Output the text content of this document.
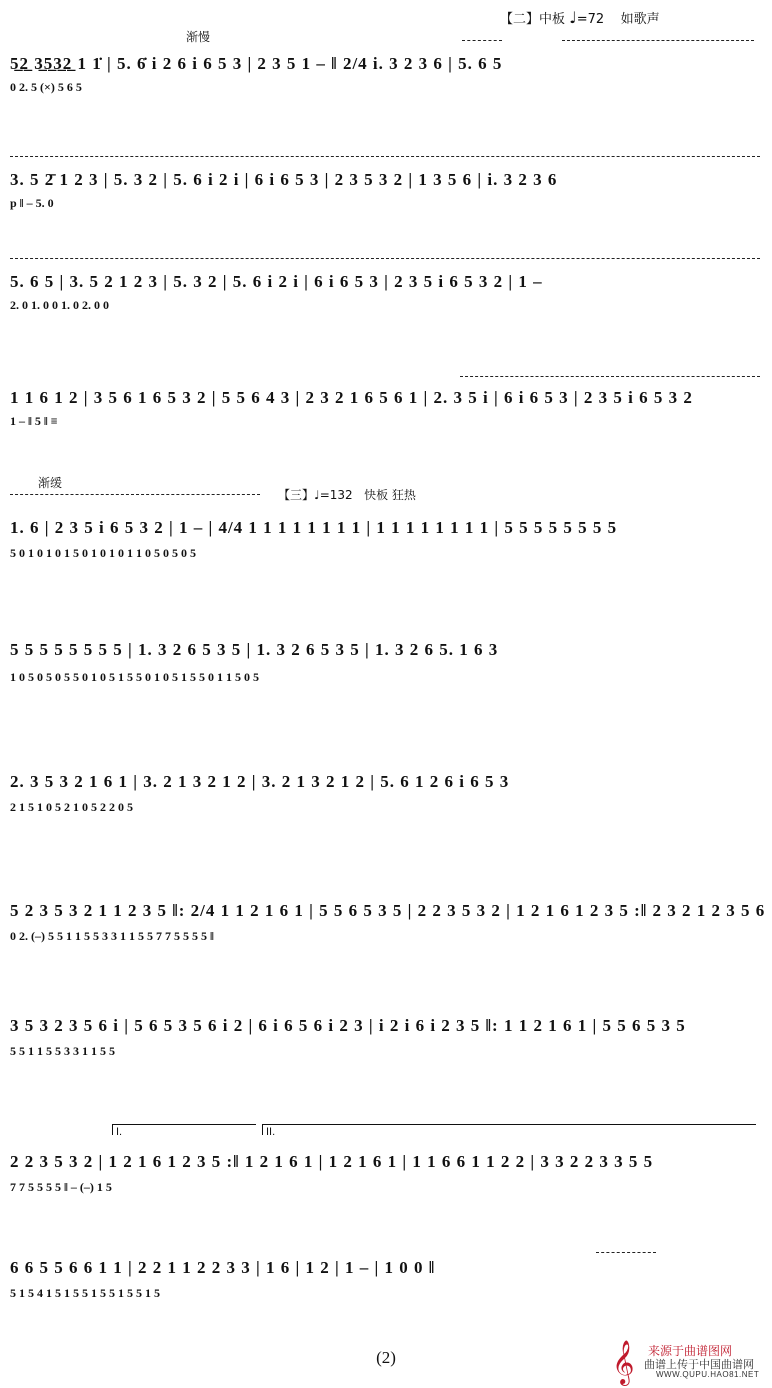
【二】中板 ♩=72 如歌声
渐慢
5̲2̲ 3̲5̲3̲2̲ 1 1̇ | 5. 6̇ i 2 6 i 6 5 3 | 2 3 5 1 – ‖ 2/4 i. 3 2 3 6 | 5. 6 5
0 2. 5 (×) 5 6 5
3. 5 2̄ 1 2 3 | 5. 3 2 | 5. 6 i 2 i | 6 i 6 5 3 | 2 3 5 3 2 | 1 3 5 6 | i. 3 2 3 6
p ‖ – 5. 0
5. 6 5 | 3. 5 2 1 2 3 | 5. 3 2 | 5. 6 i 2 i | 6 i 6 5 3 | 2 3 5 i 6 5 3 2 | 1 –
2. 0 1. 0 0 1. 0 2. 0 0
1 1 6 1 2 | 3 5 6 1 6 5 3 2 | 5 5 6 4 3 | 2 3 2 1 6 5 6 1 | 2. 3 5 i | 6 i 6 5 3 | 2 3 5 i 6 5 3 2
1 – ‖ 5 ‖ ≡
渐缓
【三】♩=132 快板 狂热
1. 6 | 2 3 5 i 6 5 3 2 | 1 – | 4/4 1 1 1 1 1 1 1 1 | 1 1 1 1 1 1 1 1 | 5 5 5 5 5 5 5 5
5 0 1 0 1 0 1 5 0 1 0 1 0 1 1 0 5 0 5 0 5
5 5 5 5 5 5 5 5 | 1. 3 2 6 5 3 5 | 1. 3 2 6 5 3 5 | 1. 3 2 6 5. 1 6 3
1 0 5 0 5 0 5 5 0 1 0 5 1 5 5 0 1 0 5 1 5 5 0 1 1 5 0 5
2. 3 5 3 2 1 6 1 | 3. 2 1 3 2 1 2 | 3. 2 1 3 2 1 2 | 5. 6 1 2 6 i 6 5 3
2 1 5 1 0 5 2 1 0 5 2 2 0 5
5 2 3 5 3 2 1 1 2 3 5 ‖: 2/4 1 1 2 1 6 1 | 5 5 6 5 3 5 | 2 2 3 5 3 2 | 1 2 1 6 1 2 3 5 :‖ 2 3 2 1 2 3 5 6
0 2. (–) 5 5 1 1 5 5 3 3 1 1 5 5 7 7 5 5 5 5 ‖
3 5 3 2 3 5 6 i | 5 6 5 3 5 6 i 2 | 6 i 6 5 6 i 2 3 | i 2 i 6 i 2 3 5 ‖: 1 1 2 1 6 1 | 5 5 6 5 3 5
5 5 1 1 5 5 3 3 1 1 5 5
I.	II.
2 2 3 5 3 2 | 1 2 1 6 1 2 3 5 :‖ 1 2 1 6 1 | 1 2 1 6 1 | 1 1 6 6 1 1 2 2 | 3 3 2 2 3 3 5 5
7 7 5 5 5 5 ‖ – (–) 1 5
6 6 5 5 6 6 1 1 | 2 2 1 1 2 2 3 3 | 1 6 | 1 2 | 1 – | 1 0 0 ‖
5 1 5 4 1 5 1 5 5 1 5 5 1 5 5 1 5
(2)	𝄞 来源于曲谱图网
曲谱上传于中国曲谱网
WWW.QUPU.HAO81.NET
